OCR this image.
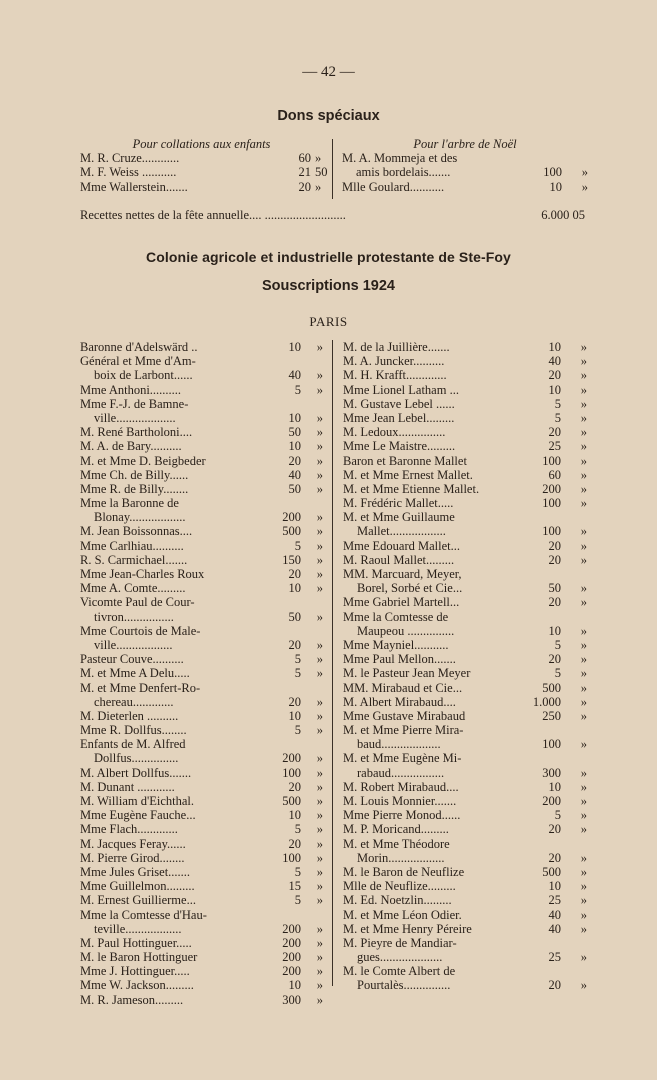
— 42 —
Dons spéciaux
Pour collations aux enfants
M. R. Cruze............	60 »
M. F. Weiss ...........	21 50
Mme Wallerstein.......	20 »
Pour l'arbre de Noël
M. A. Mommeja et des
amis bordelais.......	100	»
Mlle Goulard...........	10	»
Recettes nettes de la fête annuelle.... ..........................	6.000 05
Colonie agricole et industrielle protestante de Ste-Foy
Souscriptions 1924
PARIS
Baronne d'Adelswärd ..	10	»
Général et Mme d'Am-
boix de Larbont......	40	»
Mme Anthoni..........	5	»
Mme F.-J. de Bamne-
ville...................	10	»
M. René Bartholoni....	50	»
M. A. de Bary..........	10	»
M. et Mme D. Beigbeder	20	»
Mme Ch. de Billy......	40	»
Mme R. de Billy........	50	»
Mme la Baronne de
Blonay..................	200	»
M. Jean Boissonnas....	500	»
Mme Carlhiau..........	5	»
R. S. Carmichael.......	150	»
Mme Jean-Charles Roux	20	»
Mme A. Comte.........	10	»
Vicomte Paul de Cour-
tivron................	50	»
Mme Courtois de Male-
ville..................	20	»
Pasteur Couve..........	5	»
M. et Mme A Delu.....	5	»
M. et Mme Denfert-Ro-
chereau.............	20	»
M. Dieterlen ..........	10	»
Mme R. Dollfus........	5	»
Enfants de M. Alfred
Dollfus...............	200	»
M. Albert Dollfus.......	100	»
M. Dunant ............	20	»
M. William d'Eichthal.	500	»
Mme Eugène Fauche...	10	»
Mme Flach.............	5	»
M. Jacques Feray......	20	»
M. Pierre Girod........	100	»
Mme Jules Griset.......	5	»
Mme Guillelmon.........	15	»
M. Ernest Guillierme...	5	»
Mme la Comtesse d'Hau-
teville..................	200	»
M. Paul Hottinguer.....	200	»
M. le Baron Hottinguer	200	»
Mme J. Hottinguer.....	200	»
Mme W. Jackson.........	10	»
M. R. Jameson.........	300	»
M. de la Juillière.......	10	»
M. A. Juncker..........	40	»
M. H. Krafft.............	20	»
Mme Lionel Latham ...	10	»
M. Gustave Lebel ......	5	»
Mme Jean Lebel.........	5	»
M. Ledoux...............	20	»
Mme Le Maistre.........	25	»
Baron et Baronne Mallet	100	»
M. et Mme Ernest Mallet.	60	»
M. et Mme Etienne Mallet.	200	»
M. Frédéric Mallet.....	100	»
M. et Mme Guillaume
Mallet..................	100	»
Mme Edouard Mallet...	20	»
M. Raoul Mallet.........	20	»
MM. Marcuard, Meyer,
Borel, Sorbé et Cie...	50	»
Mme Gabriel Martell...	20	»
Mme la Comtesse de
Maupeou ...............	10	»
Mme Mayniel...........	5	»
Mme Paul Mellon.......	20	»
M. le Pasteur Jean Meyer	5	»
MM. Mirabaud et Cie...	500	»
M. Albert Mirabaud....	1.000	»
Mme Gustave Mirabaud	250	»
M. et Mme Pierre Mira-
baud...................	100	»
M. et Mme Eugène Mi-
rabaud.................	300	»
M. Robert Mirabaud....	10	»
M. Louis Monnier.......	200	»
Mme Pierre Monod......	5	»
M. P. Moricand.........	20	»
M. et Mme Théodore
Morin..................	20	»
M. le Baron de Neuflize	500	»
Mlle de Neuflize.........	10	»
M. Ed. Noetzlin.........	25	»
M. et Mme Léon Odier.	40	»
M. et Mme Henry Péreire	40	»
M. Pieyre de Mandiar-
gues....................	25	»
M. le Comte Albert de
Pourtalès...............	20	»
